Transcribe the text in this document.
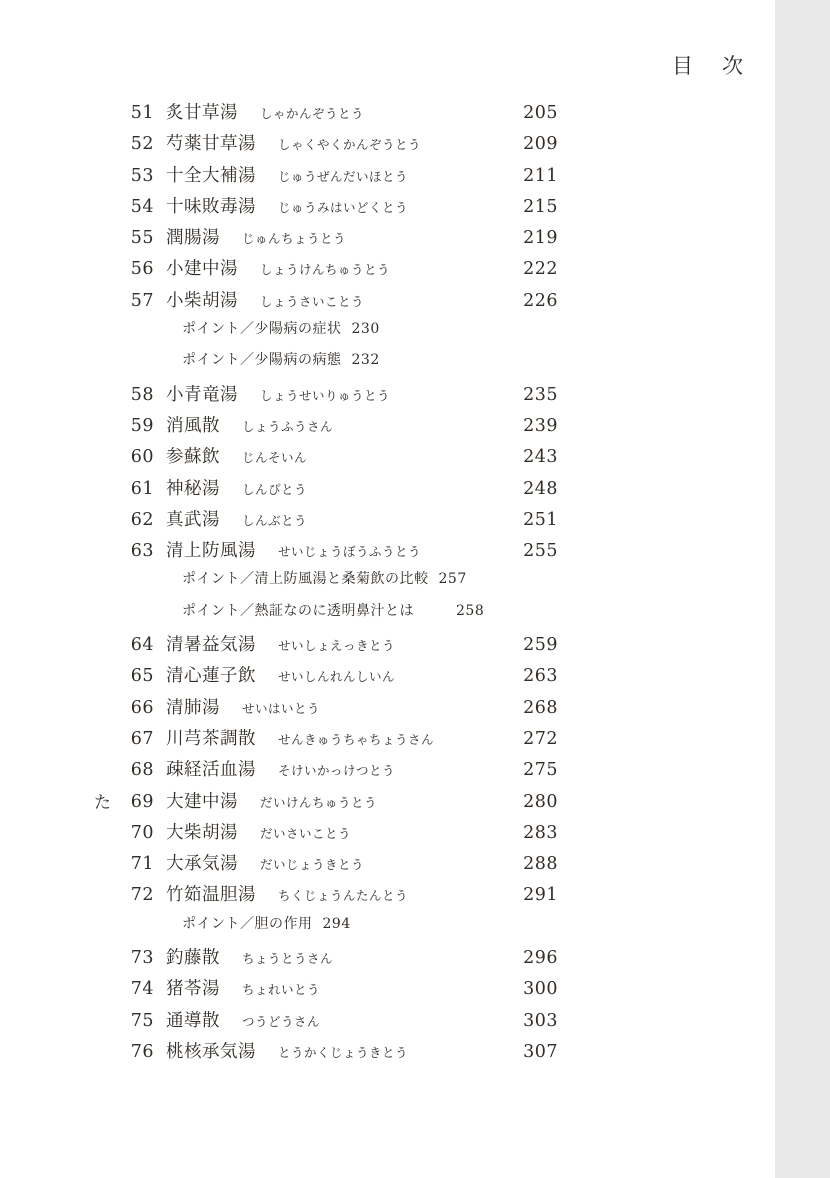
目　次
51 炙甘草湯 しゃかんぞうとう	205
52 芍薬甘草湯 しゃくやくかんぞうとう	209
53 十全大補湯 じゅうぜんだいほとう	211
54 十味敗毒湯 じゅうみはいどくとう	215
55 潤腸湯 じゅんちょうとう	219
56 小建中湯 しょうけんちゅうとう	222
57 小柴胡湯 しょうさいことう	226
ポイント／少陽病の症状 230
ポイント／少陽病の病態 232
58 小青竜湯 しょうせいりゅうとう	235
59 消風散 しょうふうさん	239
60 参蘇飲 じんそいん	243
61 神秘湯 しんぴとう	248
62 真武湯 しんぶとう	251
63 清上防風湯 せいじょうぼうふうとう	255
ポイント／清上防風湯と桑菊飲の比較 257
ポイント／熱証なのに透明鼻汁とは	258
64 清暑益気湯 せいしょえっきとう	259
65 清心蓮子飲 せいしんれんしいん	263
66 清肺湯 せいはいとう	268
67 川芎茶調散 せんきゅうちゃちょうさん	272
68 疎経活血湯 そけいかっけつとう	275
た 69 大建中湯 だいけんちゅうとう	280
70 大柴胡湯 だいさいことう	283
71 大承気湯 だいじょうきとう	288
72 竹筎温胆湯 ちくじょうんたんとう	291
ポイント／胆の作用 294
73 釣藤散 ちょうとうさん	296
74 猪苓湯 ちょれいとう	300
75 通導散 つうどうさん	303
76 桃核承気湯 とうかくじょうきとう	307
